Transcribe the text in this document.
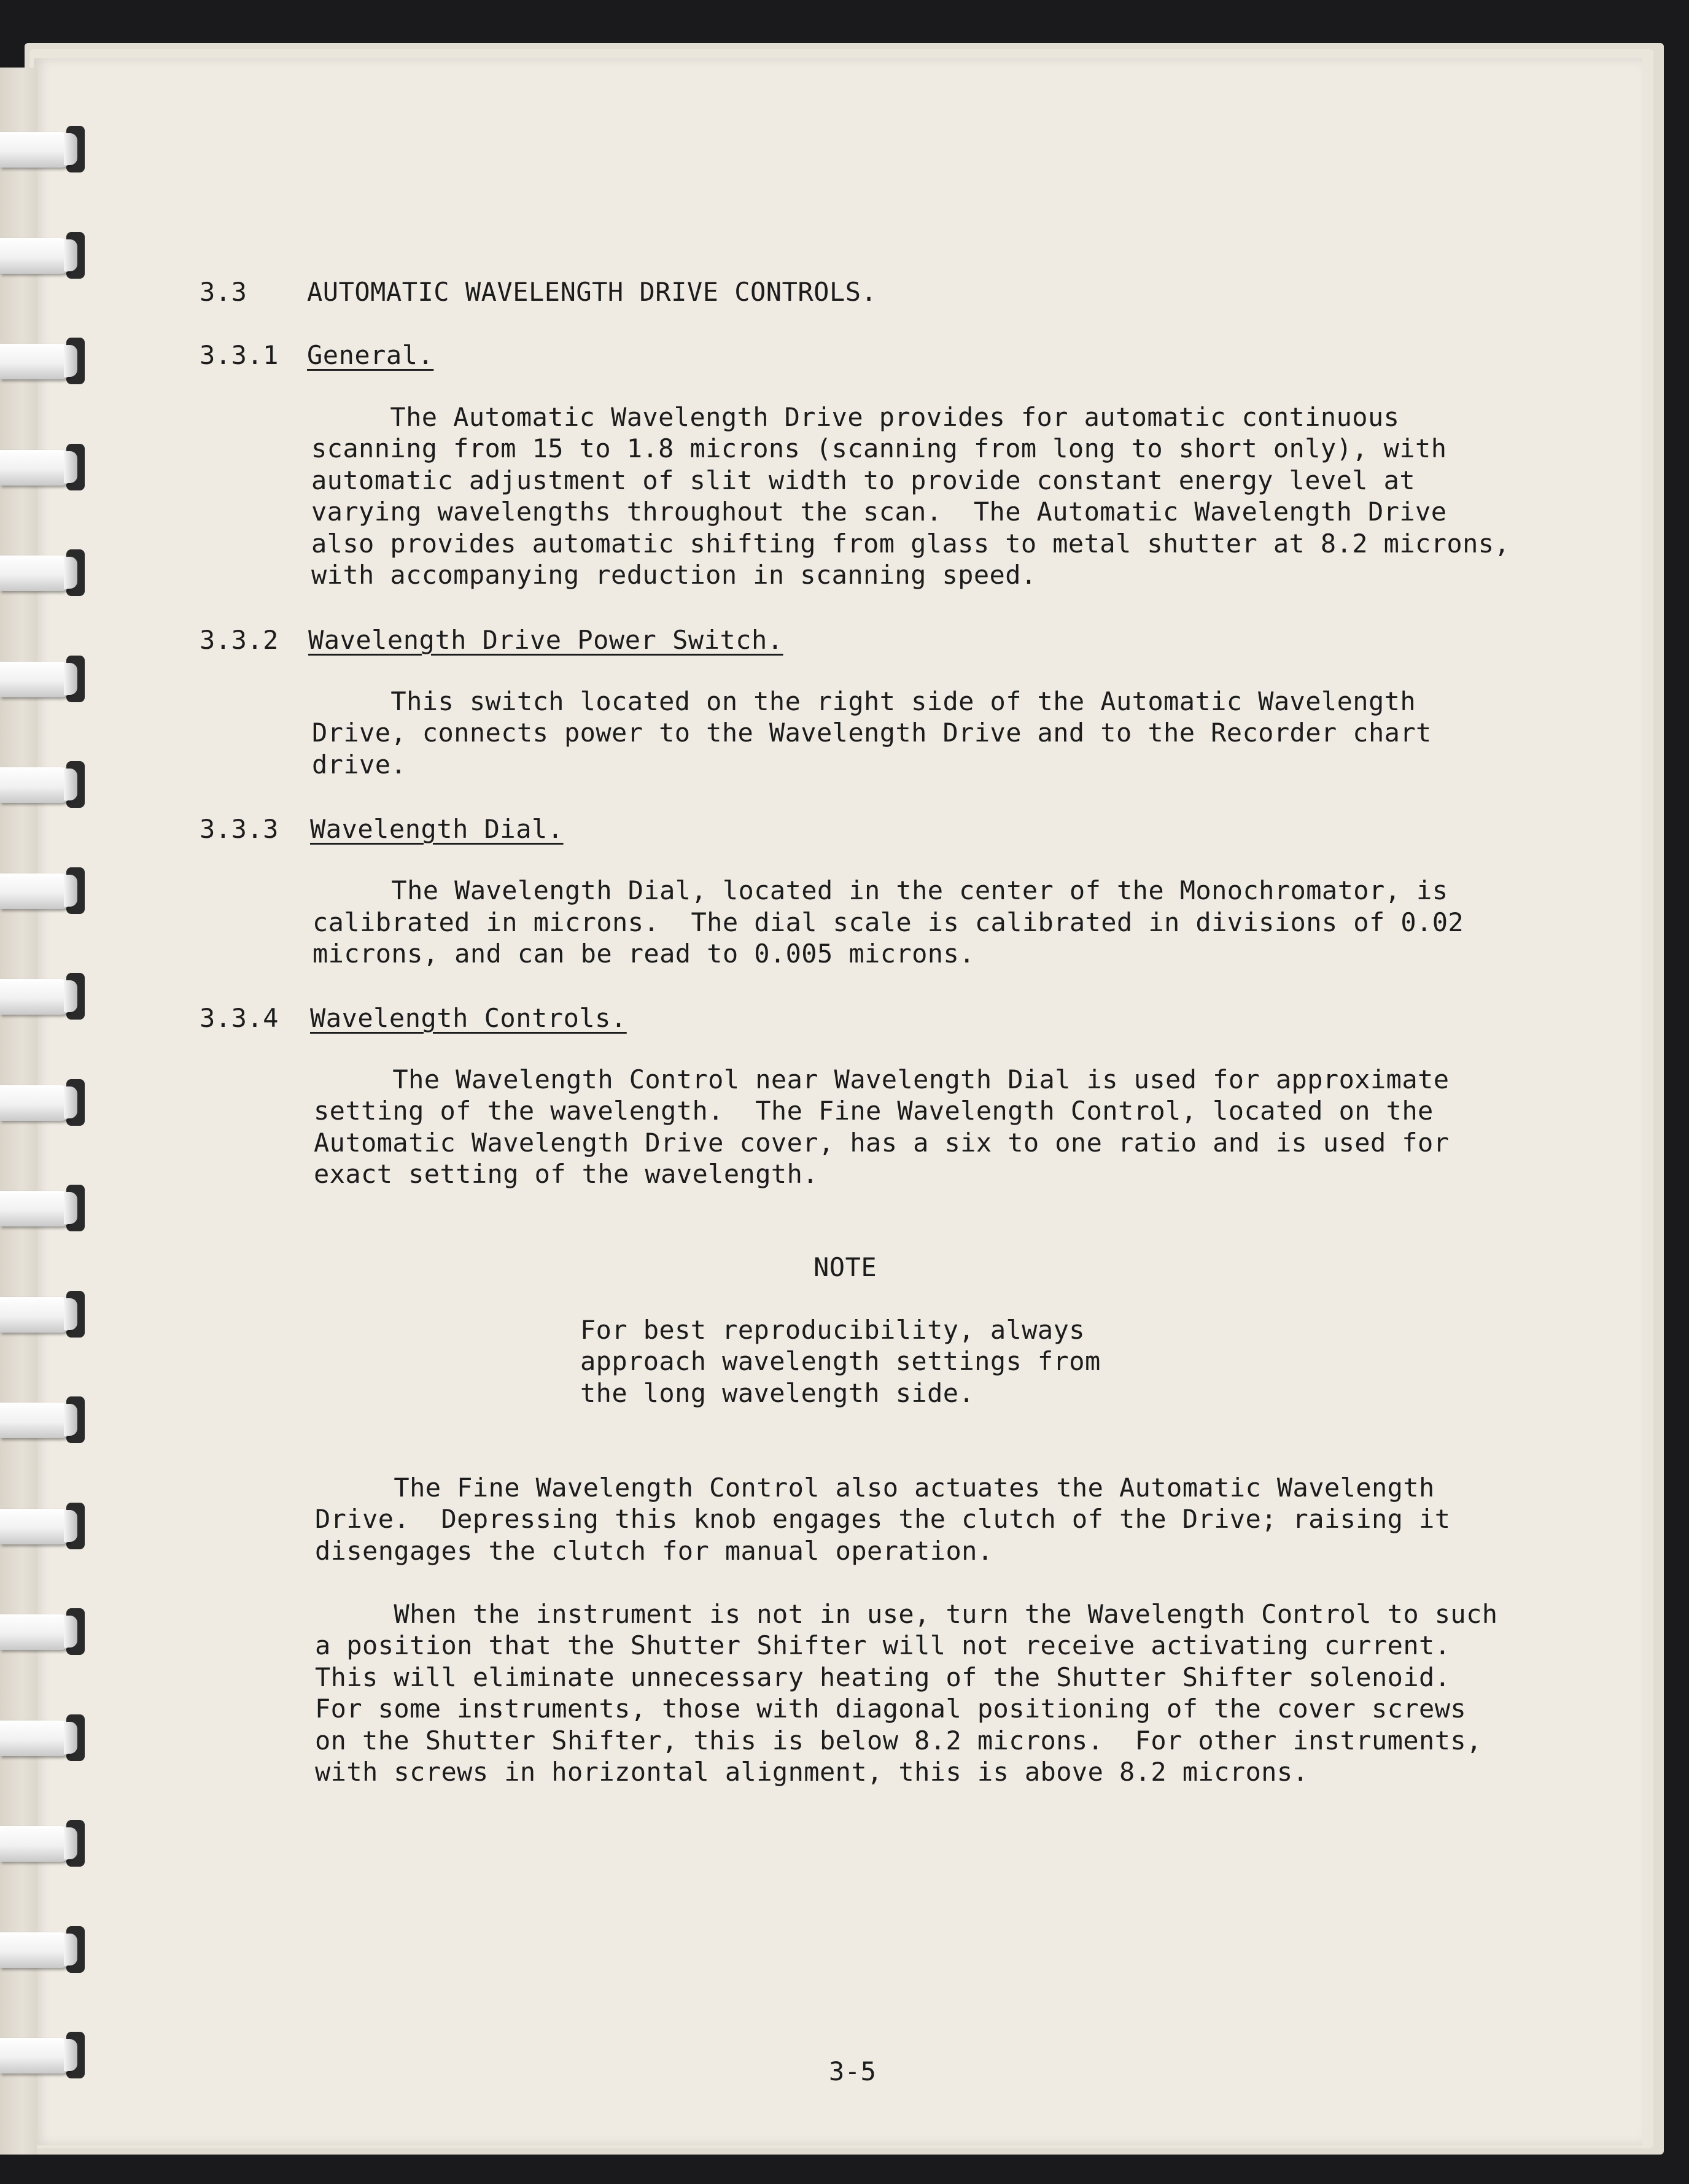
3.3 AUTOMATIC WAVELENGTH DRIVE CONTROLS.
3.3.1 General.
The Automatic Wavelength Drive provides for automatic continuous
scanning from 15 to 1.8 microns (scanning from long to short only), with
automatic adjustment of slit width to provide constant energy level at
varying wavelengths throughout the scan.  The Automatic Wavelength Drive
also provides automatic shifting from glass to metal shutter at 8.2 microns,
with accompanying reduction in scanning speed.
3.3.2 Wavelength Drive Power Switch.
This switch located on the right side of the Automatic Wavelength
Drive, connects power to the Wavelength Drive and to the Recorder chart
drive.
3.3.3 Wavelength Dial.
The Wavelength Dial, located in the center of the Monochromator, is
calibrated in microns.  The dial scale is calibrated in divisions of 0.02
microns, and can be read to 0.005 microns.
3.3.4 Wavelength Controls.
The Wavelength Control near Wavelength Dial is used for approximate
setting of the wavelength.  The Fine Wavelength Control, located on the
Automatic Wavelength Drive cover, has a six to one ratio and is used for
exact setting of the wavelength.
NOTE
For best reproducibility, always
approach wavelength settings from
the long wavelength side.
The Fine Wavelength Control also actuates the Automatic Wavelength
Drive.  Depressing this knob engages the clutch of the Drive; raising it
disengages the clutch for manual operation.
When the instrument is not in use, turn the Wavelength Control to such
a position that the Shutter Shifter will not receive activating current.
This will eliminate unnecessary heating of the Shutter Shifter solenoid.
For some instruments, those with diagonal positioning of the cover screws
on the Shutter Shifter, this is below 8.2 microns.  For other instruments,
with screws in horizontal alignment, this is above 8.2 microns.
3-5
